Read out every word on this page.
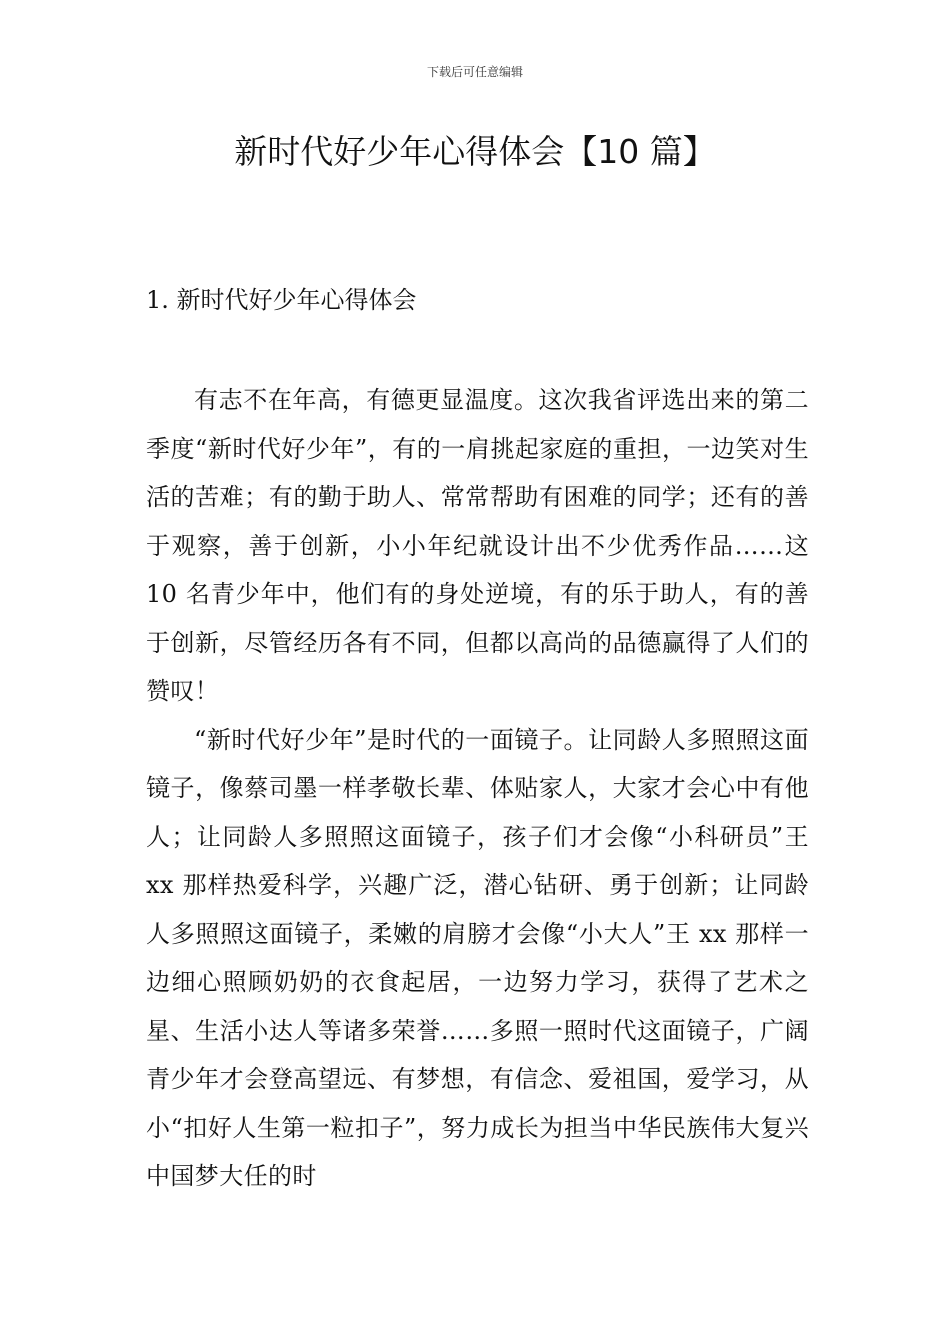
下载后可任意编辑
新时代好少年心得体会【10 篇】
1. 新时代好少年心得体会

有志不在年高，有德更显温度。这次我省评选出来的第二季度“新时代好少年”，有的一肩挑起家庭的重担，一边笑对生活的苦难；有的勤于助人、常常帮助有困难的同学；还有的善于观察，善于创新，小小年纪就设计出不少优秀作品……这 10 名青少年中，他们有的身处逆境，有的乐于助人，有的善于创新，尽管经历各有不同，但都以高尚的品德赢得了人们的赞叹！

“新时代好少年”是时代的一面镜子。让同龄人多照照这面镜子，像蔡司墨一样孝敬长辈、体贴家人，大家才会心中有他人；让同龄人多照照这面镜子，孩子们才会像“小科研员”王 xx 那样热爱科学，兴趣广泛，潜心钻研、勇于创新；让同龄人多照照这面镜子，柔嫩的肩膀才会像“小大人”王 xx 那样一边细心照顾奶奶的衣食起居，一边努力学习，获得了艺术之星、生活小达人等诸多荣誉……多照一照时代这面镜子，广阔青少年才会登高望远、有梦想，有信念、爱祖国，爱学习，从小“扣好人生第一粒扣子”，努力成长为担当中华民族伟大复兴中国梦大任的时
